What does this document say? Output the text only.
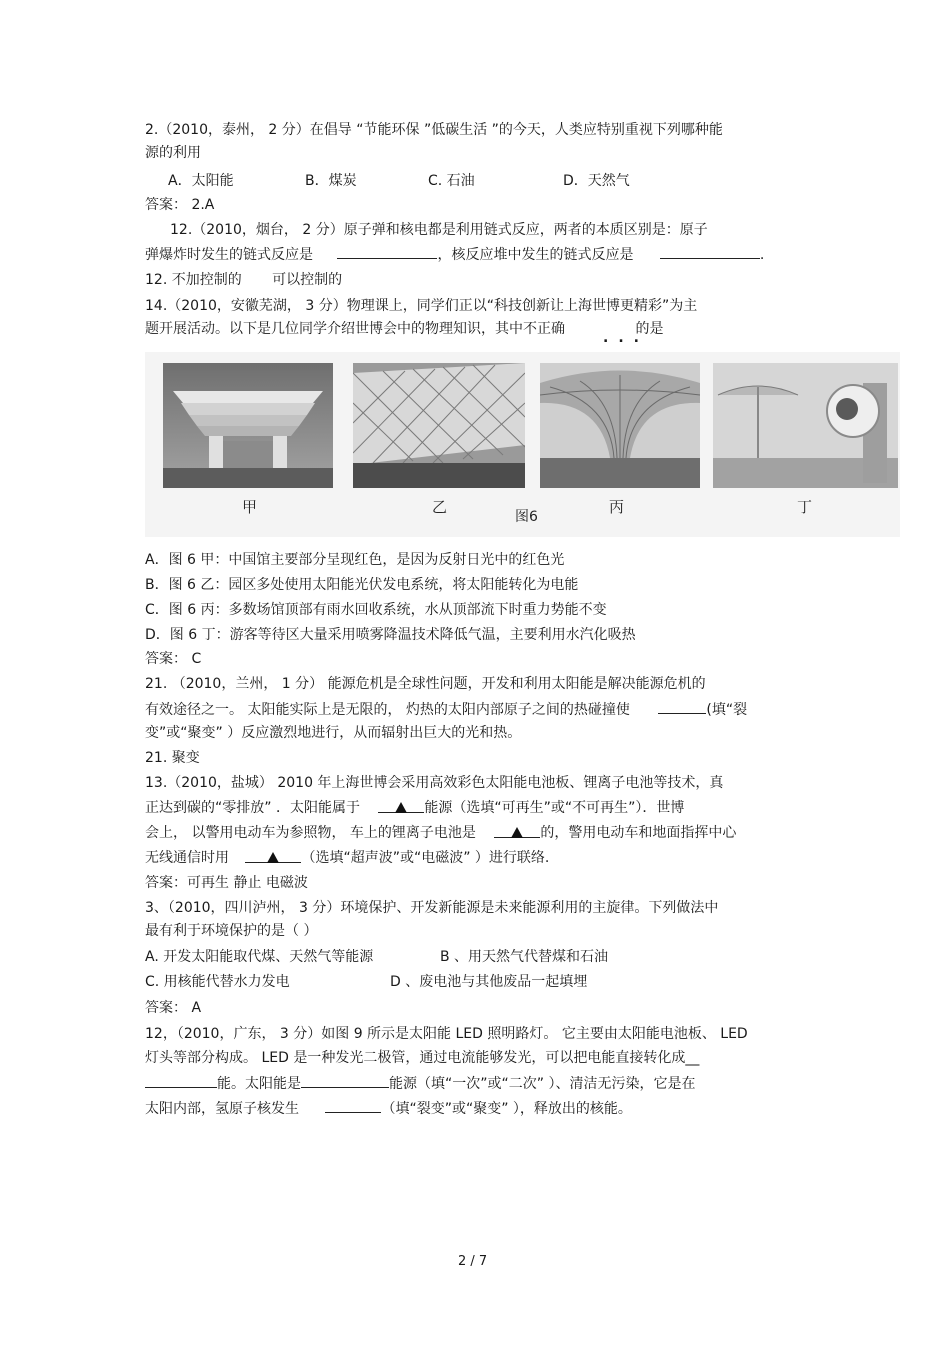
2.（2010，泰州， 2 分）在倡导 “节能环保 ”低碳生活 ”的今天，人类应特别重视下列哪种能
源的利用
A．太阳能	B．煤炭	C. 石油	D．天然气
答案： 2.A
12.（2010，烟台， 2 分）原子弹和核电都是利用链式反应，两者的本质区别是：原子
弹爆炸时发生的链式反应是	，核反应堆中发生的链式反应是	.
12. 不加控制的 可以控制的
14.（2010，安徽芜湖， 3 分）物理课上，同学们正以“科技创新让上海世博更精彩”为主
题开展活动。以下是几位同学介绍世博会中的物理知识，其中不正确	的是
...
甲	乙
图6
丙	丁
A．图 6 甲：中国馆主要部分呈现红色，是因为反射日光中的红色光
B．图 6 乙：园区多处使用太阳能光伏发电系统，将太阳能转化为电能
C．图 6 丙：多数场馆顶部有雨水回收系统，水从顶部流下时重力势能不变
D．图 6 丁：游客等待区大量采用喷雾降温技术降低气温，主要利用水汽化吸热
答案： C
21. （2010，兰州， 1 分） 能源危机是全球性问题，开发和利用太阳能是解决能源危机的
有效途径之一。 太阳能实际上是无限的， 灼热的太阳内部原子之间的热碰撞使	(填“裂
变”或“聚变” ）反应激烈地进行，从而辐射出巨大的光和热。
21. 聚变
13.（2010，盐城） 2010 年上海世博会采用高效彩色太阳能电池板、锂离子电池等技术，真
正达到碳的“零排放” ．太阳能属于	能源（选填“可再生”或“不可再生”）．世博
会上， 以警用电动车为参照物， 车上的锂离子电池是	的，警用电动车和地面指挥中心
无线通信时用	（选填“超声波”或“电磁波” ）进行联络.
答案：可再生 静止 电磁波
3、（2010，四川泸州， 3 分）环境保护、开发新能源是未来能源利用的主旋律。下列做法中
最有利于环境保护的是（ ）
A. 开发太阳能取代煤、天然气等能源	B 、用天然气代替煤和石油
C. 用核能代替水力发电	D 、废电池与其他废品一起填埋
答案： A
12，（2010，广东， 3 分）如图 9 所示是太阳能 LED 照明路灯。 它主要由太阳能电池板、 LED
灯头等部分构成。 LED 是一种发光二极管，通过电流能够发光，可以把电能直接转化成__
能。太阳能是	能源（填“一次”或“二次” ）、清洁无污染，它是在
太阳内部，氢原子核发生	（填“裂变”或“聚变” ），释放出的核能。
2 / 7
